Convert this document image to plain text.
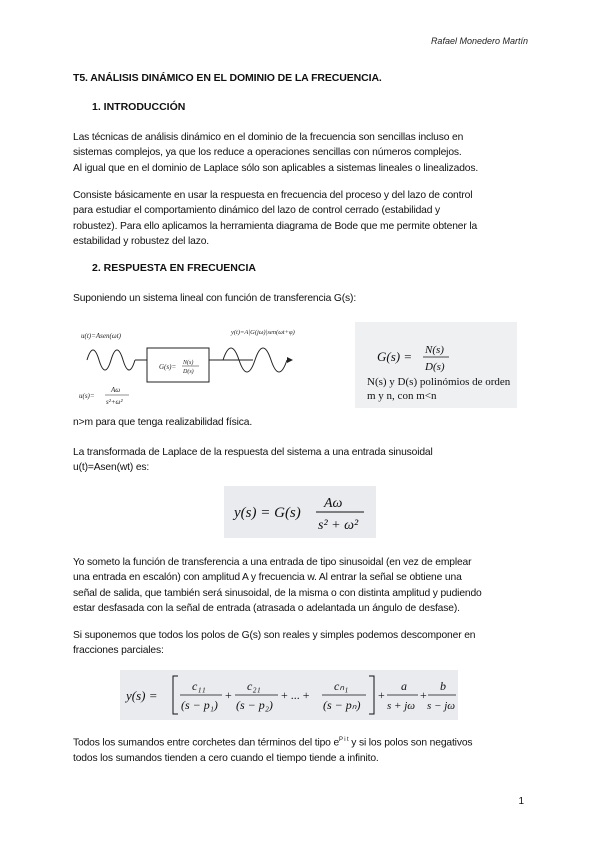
Rafael Monedero Martín
T5. ANÁLISIS DINÁMICO EN EL DOMINIO DE LA FRECUENCIA.
1. INTRODUCCIÓN
Las técnicas de análisis dinámico en el dominio de la frecuencia son sencillas incluso en
sistemas complejos, ya que los reduce a operaciones sencillas con números complejos.
Al igual que en el dominio de Laplace sólo son aplicables a sistemas lineales o linealizados.
Consiste básicamente en usar la respuesta en frecuencia del proceso y del lazo de control
para estudiar el comportamiento dinámico del lazo de control cerrado (estabilidad y
robustez). Para ello aplicamos la herramienta diagrama de Bode que me permite obtener la
estabilidad y robustez del lazo.
2. RESPUESTA EN FRECUENCIA
Suponiendo un sistema lineal con función de transferencia G(s):
u(t)=Asen(ωt)	y(t)=A|G(jω)|sen(ωt+φ)
G(s)= N(s)
D(s)
u(s)=
Aω
s²+ω²
G(s) = N(s)
D(s)
N(s) y D(s) polinómios de orden m y n, con m<n
n>m para que tenga realizabilidad física.
La transformada de Laplace de la respuesta del sistema a una entrada sinusoidal
u(t)=Asen(wt) es:
y(s) = G(s)
Aω
s² + ω²
Yo someto la función de transferencia a una entrada de tipo sinusoidal (en vez de emplear
una entrada en escalón) con amplitud A y frecuencia w. Al entrar la señal se obtiene una
señal de salida, que también será sinusoidal, de la misma o con distinta amplitud y pudiendo
estar desfasada con la señal de entrada (atrasada o adelantada un ángulo de desfase).
Si suponemos que todos los polos de G(s) son reales y simples podemos descomponer en
fracciones parciales:
y(s) =
c₁₁
(s − p₁)
+
c₂₁
(s − p₂)
+ ... +
cₙ₁
(s − pₙ)
+
a
s + jω
+
b
s − jω
Todos los sumandos entre corchetes dan términos del tipo $e^{P i t}$ y si los polos son negativos
todos los sumandos tienden a cero cuando el tiempo tiende a infinito.
1
